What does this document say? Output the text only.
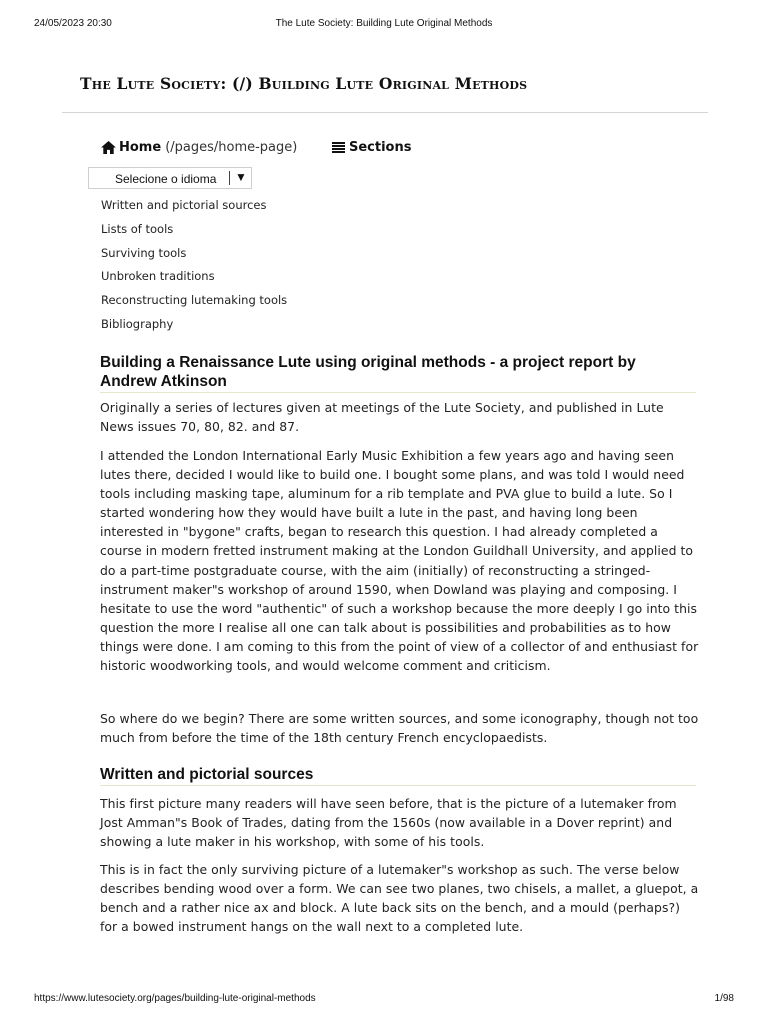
24/05/2023 20:30	The Lute Society: Building Lute Original Methods
The Lute Society: (/) Building Lute Original Methods
Home (/pages/home-page)	Sections
Selecione o idioma ▼
Written and pictorial sources
Lists of tools
Surviving tools
Unbroken traditions
Reconstructing lutemaking tools
Bibliography
Building a Renaissance Lute using original methods - a project report by Andrew Atkinson

Originally a series of lectures given at meetings of the Lute Society, and published in Lute News issues 70, 80, 82. and 87.

I attended the London International Early Music Exhibition a few years ago and having seen lutes there, decided I would like to build one. I bought some plans, and was told I would need tools including masking tape, aluminum for a rib template and PVA glue to build a lute. So I started wondering how they would have built a lute in the past, and having long been interested in "bygone" crafts, began to research this question. I had already completed a course in modern fretted instrument making at the London Guildhall University, and applied to do a part-time postgraduate course, with the aim (initially) of reconstructing a stringed-instrument maker"s workshop of around 1590, when Dowland was playing and composing. I hesitate to use the word "authentic" of such a workshop because the more deeply I go into this question the more I realise all one can talk about is possibilities and probabilities as to how things were done. I am coming to this from the point of view of a collector of and enthusiast for historic woodworking tools, and would welcome comment and criticism.

So where do we begin? There are some written sources, and some iconography, though not too much from before the time of the 18th century French encyclopaedists.

Written and pictorial sources

This first picture many readers will have seen before, that is the picture of a lutemaker from Jost Amman"s Book of Trades, dating from the 1560s (now available in a Dover reprint) and showing a lute maker in his workshop, with some of his tools.

This is in fact the only surviving picture of a lutemaker"s workshop as such. The verse below describes bending wood over a form. We can see two planes, two chisels, a mallet, a gluepot, a bench and a rather nice ax and block. A lute back sits on the bench, and a mould (perhaps?) for a bowed instrument hangs on the wall next to a completed lute.

https://www.lutesociety.org/pages/building-lute-original-methods	1/98
